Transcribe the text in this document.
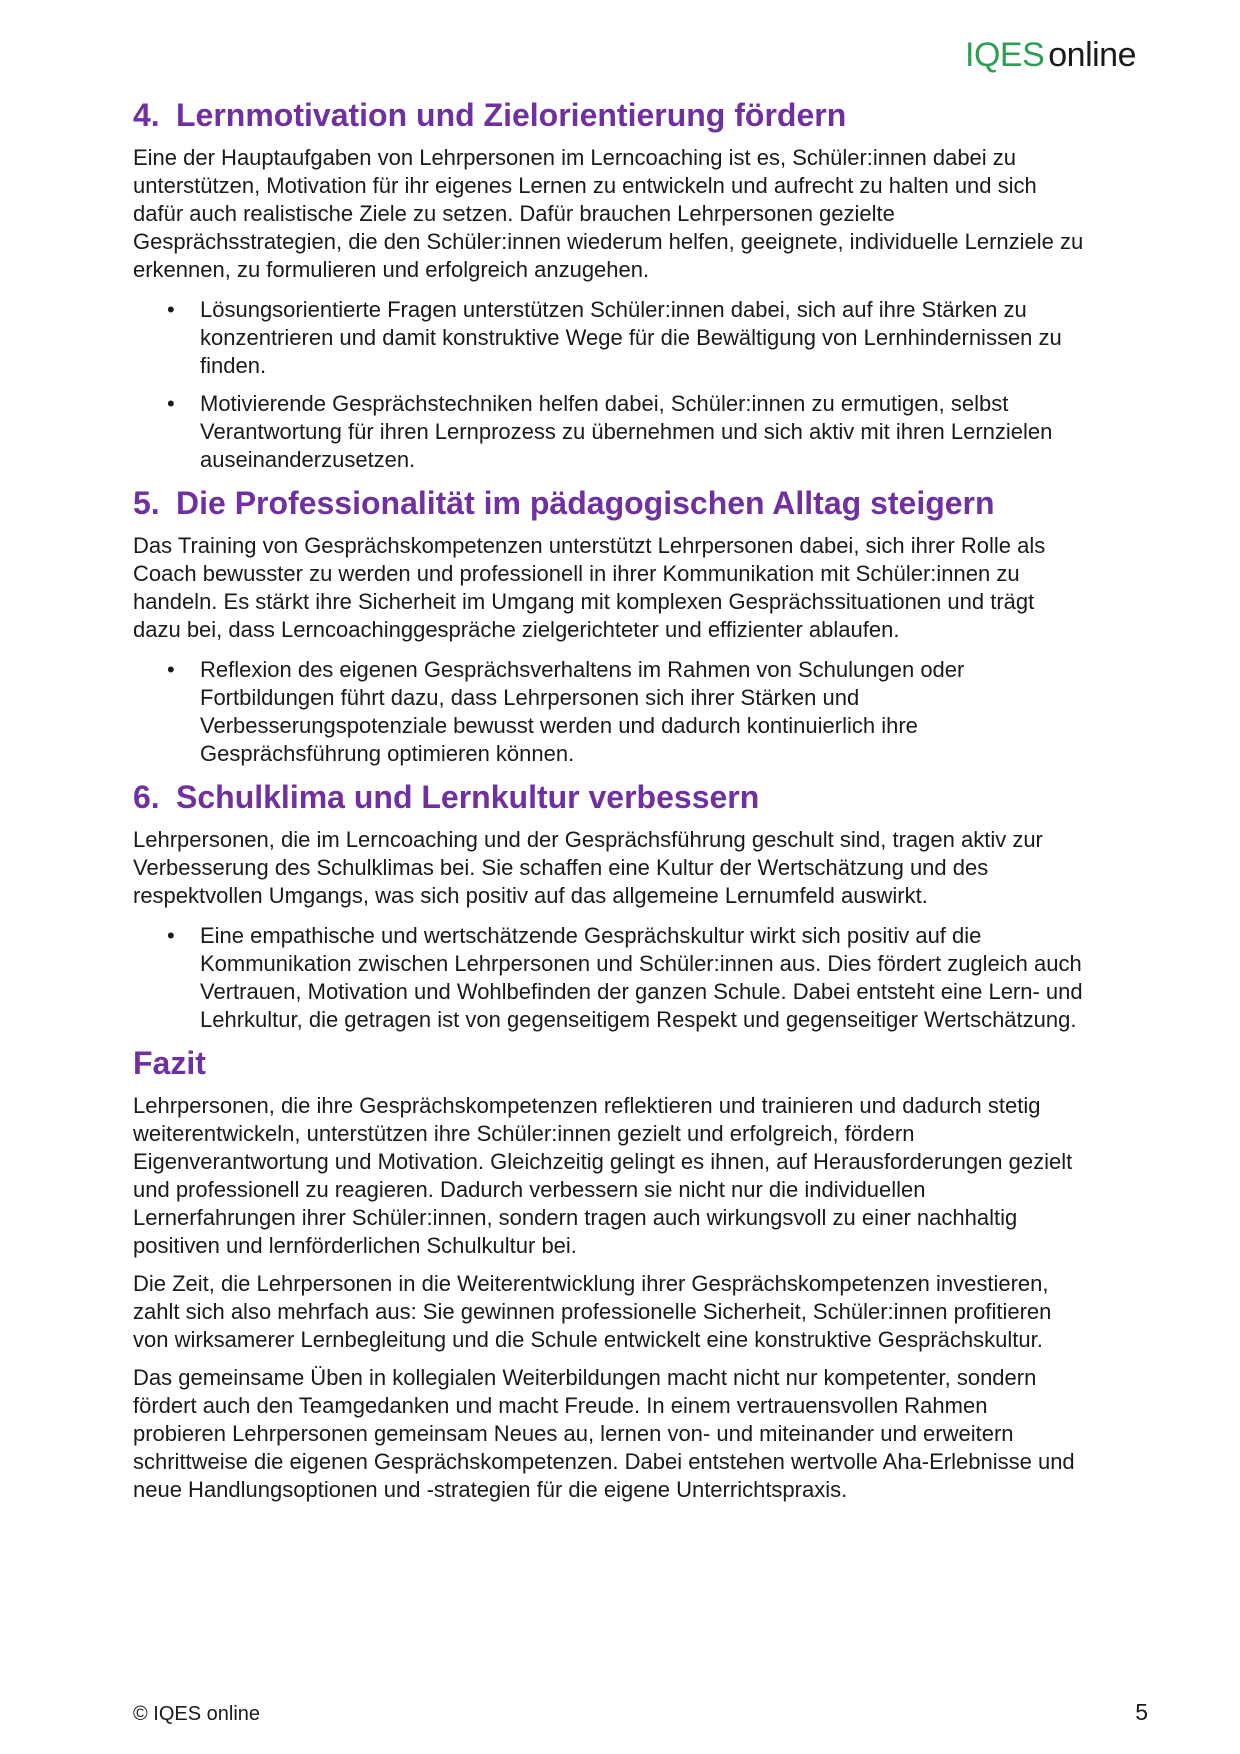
IQES online
4. Lernmotivation und Zielorientierung fördern

Eine der Hauptaufgaben von Lehrpersonen im Lerncoaching ist es, Schüler:innen dabei zu unterstützen, Motivation für ihr eigenes Lernen zu entwickeln und aufrecht zu halten und sich dafür auch realistische Ziele zu setzen. Dafür brauchen Lehrpersonen gezielte Gesprächsstrategien, die den Schüler:innen wiederum helfen, geeignete, individuelle Lernziele zu erkennen, zu formulieren und erfolgreich anzugehen.

• Lösungsorientierte Fragen unterstützen Schüler:innen dabei, sich auf ihre Stärken zu konzentrieren und damit konstruktive Wege für die Bewältigung von Lernhindernissen zu finden.
• Motivierende Gesprächstechniken helfen dabei, Schüler:innen zu ermutigen, selbst Verantwortung für ihren Lernprozess zu übernehmen und sich aktiv mit ihren Lernzielen auseinanderzusetzen.
5. Die Professionalität im pädagogischen Alltag steigern

Das Training von Gesprächskompetenzen unterstützt Lehrpersonen dabei, sich ihrer Rolle als Coach bewusster zu werden und professionell in ihrer Kommunikation mit Schüler:innen zu handeln. Es stärkt ihre Sicherheit im Umgang mit komplexen Gesprächssituationen und trägt dazu bei, dass Lerncoachinggespräche zielgerichteter und effizienter ablaufen.

• Reflexion des eigenen Gesprächsverhaltens im Rahmen von Schulungen oder Fortbildungen führt dazu, dass Lehrpersonen sich ihrer Stärken und Verbesserungspotenziale bewusst werden und dadurch kontinuierlich ihre Gesprächsführung optimieren können.
6. Schulklima und Lernkultur verbessern

Lehrpersonen, die im Lerncoaching und der Gesprächsführung geschult sind, tragen aktiv zur Verbesserung des Schulklimas bei. Sie schaffen eine Kultur der Wertschätzung und des respektvollen Umgangs, was sich positiv auf das allgemeine Lernumfeld auswirkt.

• Eine empathische und wertschätzende Gesprächskultur wirkt sich positiv auf die Kommunikation zwischen Lehrpersonen und Schüler:innen aus. Dies fördert zugleich auch Vertrauen, Motivation und Wohlbefinden der ganzen Schule. Dabei entsteht eine Lern- und Lehrkultur, die getragen ist von gegenseitigem Respekt und gegenseitiger Wertschätzung.
Fazit

Lehrpersonen, die ihre Gesprächskompetenzen reflektieren und trainieren und dadurch stetig weiterentwickeln, unterstützen ihre Schüler:innen gezielt und erfolgreich, fördern Eigenverantwortung und Motivation. Gleichzeitig gelingt es ihnen, auf Herausforderungen gezielt und professionell zu reagieren. Dadurch verbessern sie nicht nur die individuellen Lernerfahrungen ihrer Schüler:innen, sondern tragen auch wirkungsvoll zu einer nachhaltig positiven und lernförderlichen Schulkultur bei.

Die Zeit, die Lehrpersonen in die Weiterentwicklung ihrer Gesprächskompetenzen investieren, zahlt sich also mehrfach aus: Sie gewinnen professionelle Sicherheit, Schüler:innen profitieren von wirksamerer Lernbegleitung und die Schule entwickelt eine konstruktive Gesprächskultur.

Das gemeinsame Üben in kollegialen Weiterbildungen macht nicht nur kompetenter, sondern fördert auch den Teamgedanken und macht Freude. In einem vertrauensvollen Rahmen probieren Lehrpersonen gemeinsam Neues au, lernen von- und miteinander und erweitern schrittweise die eigenen Gesprächskompetenzen. Dabei entstehen wertvolle Aha-Erlebnisse und neue Handlungsoptionen und -strategien für die eigene Unterrichtspraxis.

© IQES online	5
